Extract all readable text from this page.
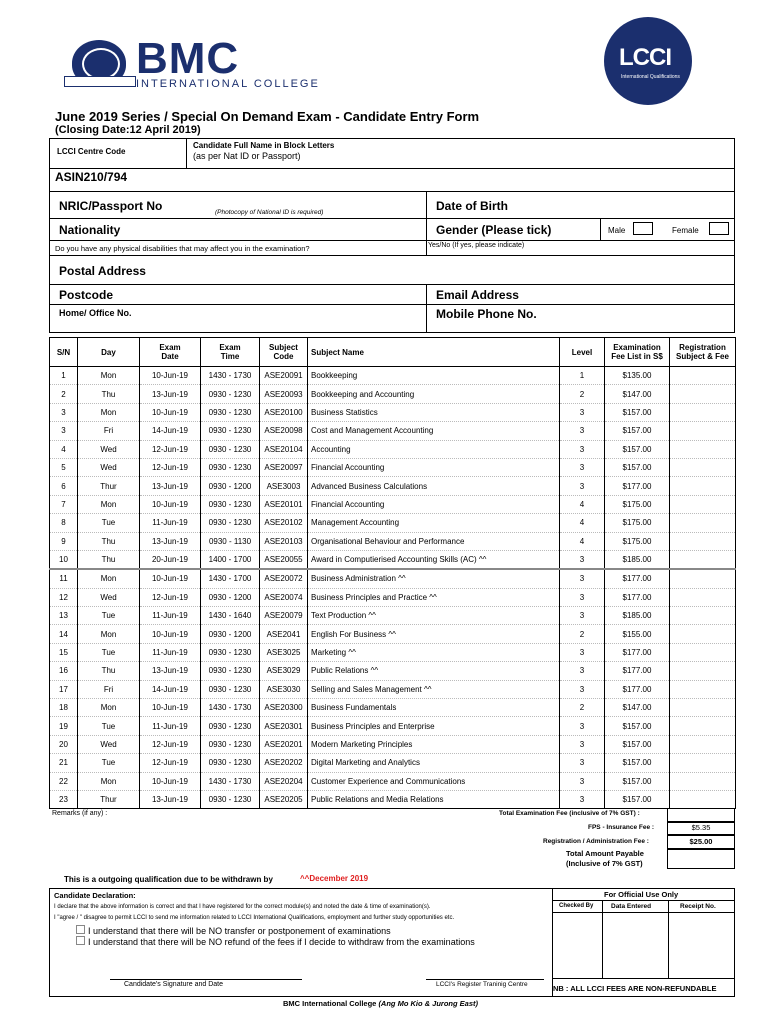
BMC
INTERNATIONAL COLLEGE
LCCI
International Qualifications
June 2019 Series / Special On Demand Exam - Candidate Entry Form
(Closing Date:12 April 2019)
LCCI Centre Code
Candidate Full Name in Block Letters
(as per Nat ID or Passport)
ASIN210/794
NRIC/Passport No	(Photocopy of National ID is required)	Date of Birth
Nationality	Gender (Please tick)	Male	Female
Do you have any physical disabilities that may affect you in the examination?	Yes/No (If yes, please indicate)
Postal Address
Postcode	Email Address
Home/ Office No.	Mobile Phone No.
S/N	Day	Exam Date	Exam Time	Subject Code	Subject Name	Level	Examination Fee List in S$	Registration Subject & Fee
1	Mon	10-Jun-19	1430 - 1730	ASE20091	Bookkeeping	1	$135.00	
2	Thu	13-Jun-19	0930 - 1230	ASE20093	Bookkeeping and Accounting	2	$147.00	
3	Mon	10-Jun-19	0930 - 1230	ASE20100	Business Statistics	3	$157.00	
3	Fri	14-Jun-19	0930 - 1230	ASE20098	Cost and Management Accounting	3	$157.00	
4	Wed	12-Jun-19	0930 - 1230	ASE20104	Accounting	3	$157.00	
5	Wed	12-Jun-19	0930 - 1230	ASE20097	Financial Accounting	3	$157.00	
6	Thur	13-Jun-19	0930 - 1200	ASE3003	Advanced Business Calculations	3	$177.00	
7	Mon	10-Jun-19	0930 - 1230	ASE20101	Financial Accounting	4	$175.00	
8	Tue	11-Jun-19	0930 - 1230	ASE20102	Management Accounting	4	$175.00	
9	Thu	13-Jun-19	0930 - 1130	ASE20103	Organisational Behaviour and Performance	4	$175.00	
10	Thu	20-Jun-19	1400 - 1700	ASE20055	Award in Computierised Accounting Skills (AC) ^^	3	$185.00	
11	Mon	10-Jun-19	1430 - 1700	ASE20072	Business Administration ^^	3	$177.00	
12	Wed	12-Jun-19	0930 - 1200	ASE20074	Business Principles and Practice ^^	3	$177.00	
13	Tue	11-Jun-19	1430 - 1640	ASE20079	Text Production ^^	3	$185.00	
14	Mon	10-Jun-19	0930 - 1200	ASE2041	English For Business ^^	2	$155.00	
15	Tue	11-Jun-19	0930 - 1230	ASE3025	Marketing ^^	3	$177.00	
16	Thu	13-Jun-19	0930 - 1230	ASE3029	Public Relations ^^	3	$177.00	
17	Fri	14-Jun-19	0930 - 1230	ASE3030	Selling and Sales Management ^^	3	$177.00	
18	Mon	10-Jun-19	1430 - 1730	ASE20300	Business Fundamentals	2	$147.00	
19	Tue	11-Jun-19	0930 - 1230	ASE20301	Business Principles and Enterprise	3	$157.00	
20	Wed	12-Jun-19	0930 - 1230	ASE20201	Modern Marketing Principles	3	$157.00	
21	Tue	12-Jun-19	0930 - 1230	ASE20202	Digital Marketing and Analytics	3	$157.00	
22	Mon	10-Jun-19	1430 - 1730	ASE20204	Customer Experience and Communications	3	$157.00	
23	Thur	13-Jun-19	0930 - 1230	ASE20205	Public Relations and Media Relations	3	$157.00	
Remarks (if any) :	Total Examination Fee (inclusive of 7% GST) :
FPS - Insurance Fee :	$5.35
Registration / Administration Fee :	$25.00
Total Amount Payable
(Inclusive of 7% GST)
This is a outgoing qualification due to be withdrawn by	^^December 2019
Candidate Declaration:
I declare that the above information is correct and that I have registered for the correct module(s) and noted the date & time of examination(s).
I "agree / " disagree to permit LCCI to send me information related to LCCI International Qualifications, employment and further study opportunities etc.
I understand that there will be NO transfer or postponement of examinations
I understand that there will be NO refund of the fees if I decide to withdraw from the examinations
Candidate's Signature and Date	LCCI's Register Traninig Centre
For Official Use Only
Checked By	Data Entered	Receipt No.
NB : ALL LCCI FEES ARE NON-REFUNDABLE
BMC International College (Ang Mo Kio & Jurong East)
